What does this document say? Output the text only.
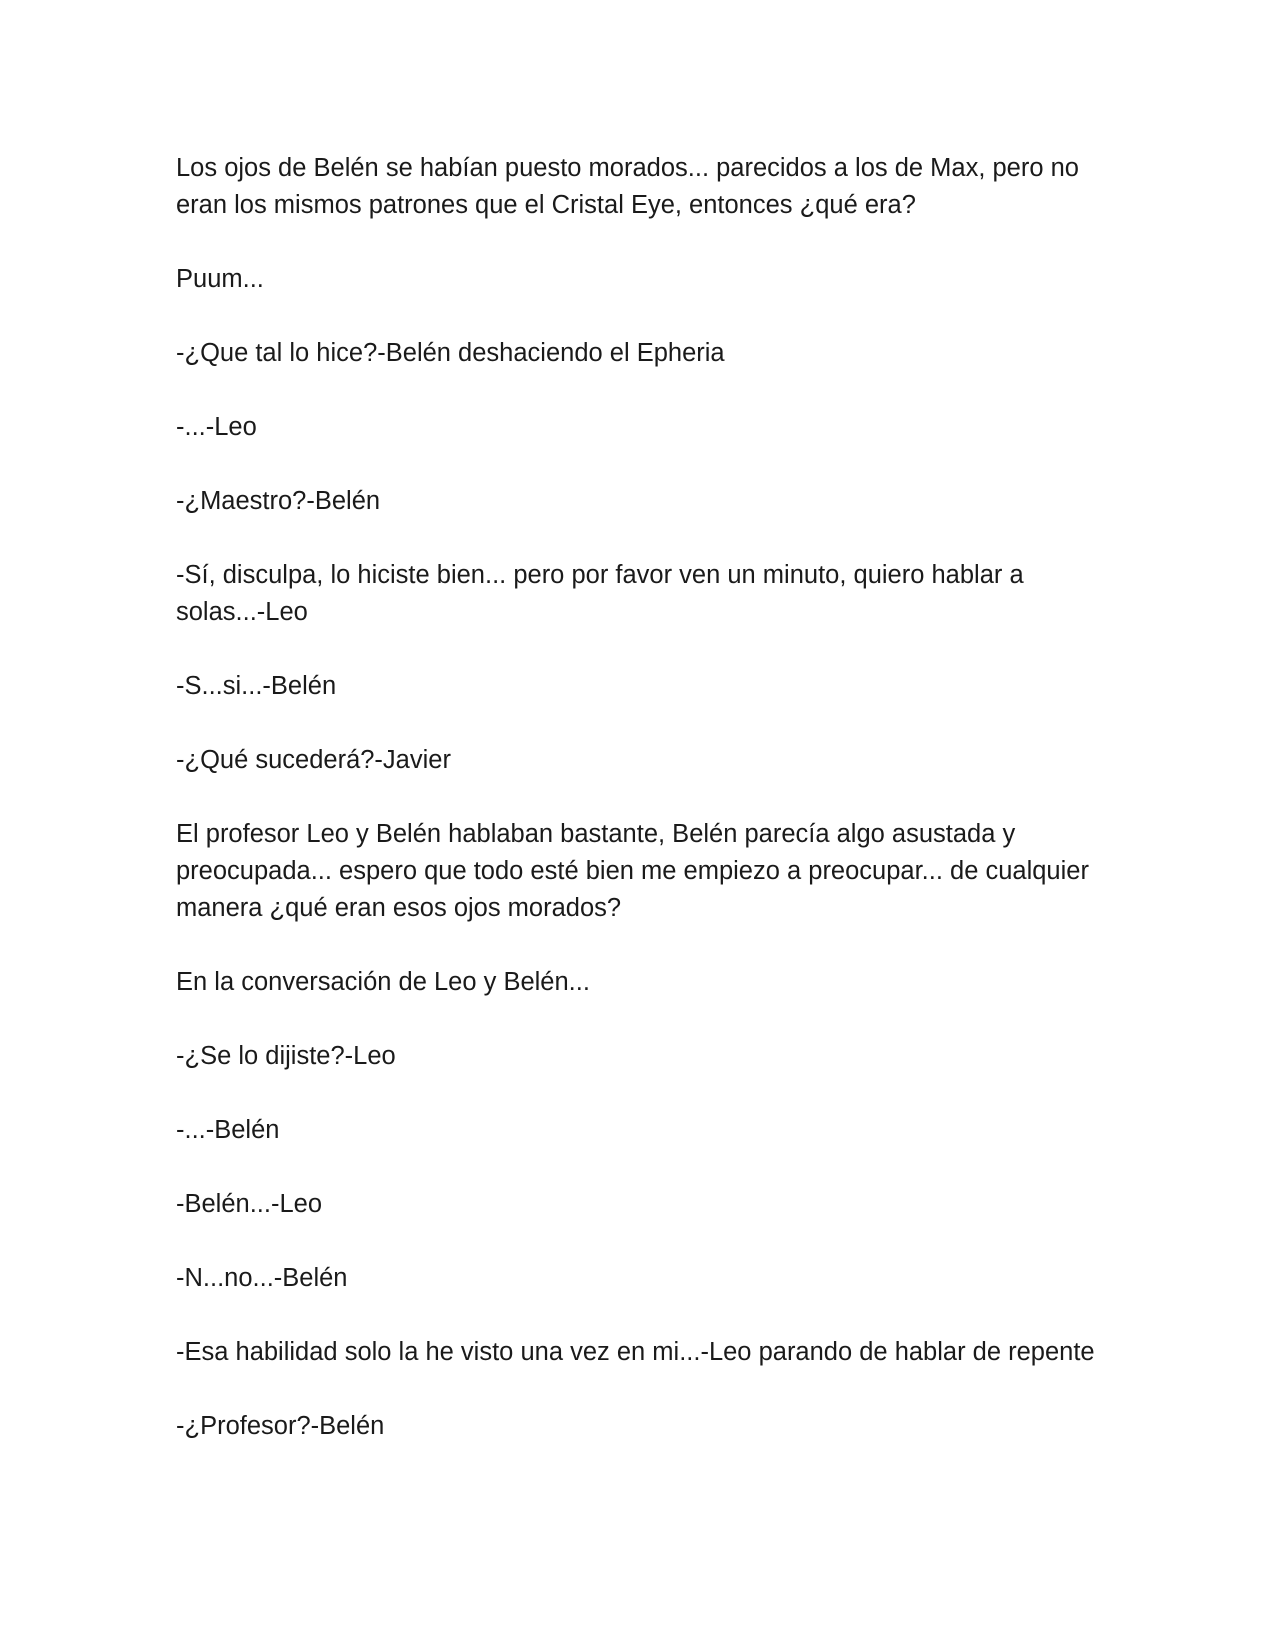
Los ojos de Belén se habían puesto morados... parecidos a los de Max, pero no eran los mismos patrones que el Cristal Eye, entonces ¿qué era?

Puum...

-¿Que tal lo hice?-Belén deshaciendo el Epheria

-...-Leo

-¿Maestro?-Belén

-Sí, disculpa, lo hiciste bien... pero por favor ven un minuto, quiero hablar a solas...-Leo

-S...si...-Belén

-¿Qué sucederá?-Javier

El profesor Leo y Belén hablaban bastante, Belén parecía algo asustada y preocupada... espero que todo esté bien me empiezo a preocupar... de cualquier manera ¿qué eran esos ojos morados?

En la conversación de Leo y Belén...

-¿Se lo dijiste?-Leo

-...-Belén

-Belén...-Leo

-N...no...-Belén

-Esa habilidad solo la he visto una vez en mi...-Leo parando de hablar de repente

-¿Profesor?-Belén
